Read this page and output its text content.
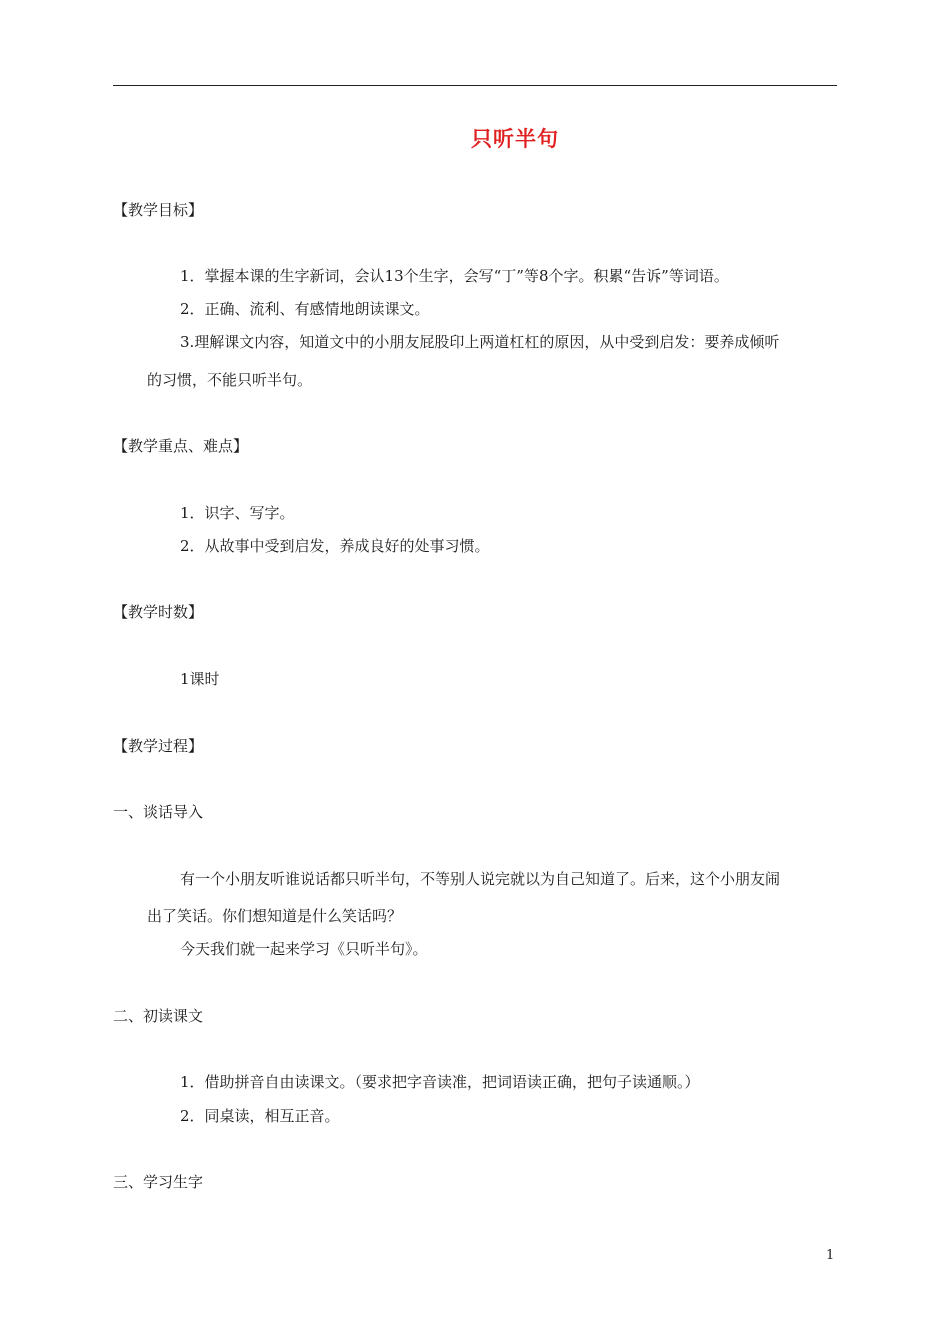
只听半句
【教学目标】
1．掌握本课的生字新词，会认13个生字，会写“丁”等8个字。积累“告诉”等词语。
2．正确、流利、有感情地朗读课文。
3.理解课文内容，知道文中的小朋友屁股印上两道杠杠的原因，从中受到启发：要养成倾听
的习惯，不能只听半句。
【教学重点、难点】
1．识字、写字。
2．从故事中受到启发，养成良好的处事习惯。
【教学时数】
1课时
【教学过程】
一、谈话导入
有一个小朋友听谁说话都只听半句，不等别人说完就以为自己知道了。后来，这个小朋友闹
出了笑话。你们想知道是什么笑话吗？
今天我们就一起来学习《只听半句》。
二、初读课文
1．借助拼音自由读课文。（要求把字音读准，把词语读正确，把句子读通顺。）
2．同桌读，相互正音。
三、学习生字
1
